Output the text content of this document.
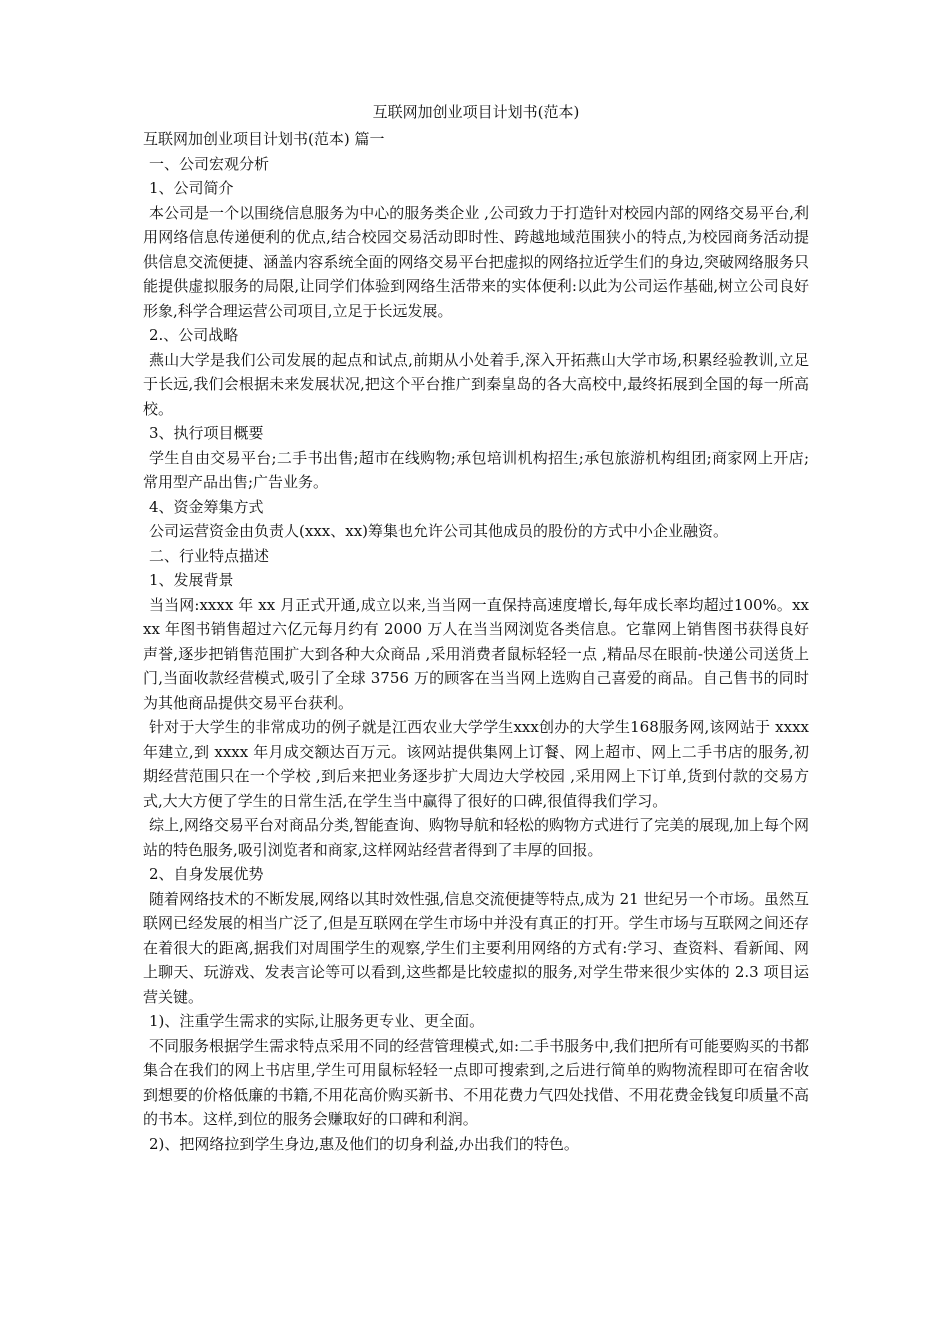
互联网加创业项目计划书(范本)

互联网加创业项目计划书(范本) 篇一

一、公司宏观分析

1、公司简介

本公司是一个以围绕信息服务为中心的服务类企业 ,公司致力于打造针对校园内部的网络交易平台,利用网络信息传递便利的优点,结合校园交易活动即时性、跨越地域范围狭小的特点,为校园商务活动提供信息交流便捷、涵盖内容系统全面的网络交易平台把虚拟的网络拉近学生们的身边,突破网络服务只能提供虚拟服务的局限,让同学们体验到网络生活带来的实体便利:以此为公司运作基础,树立公司良好形象,科学合理运营公司项目,立足于长远发展。

2.、公司战略

燕山大学是我们公司发展的起点和试点,前期从小处着手,深入开拓燕山大学市场,积累经验教训,立足于长远,我们会根据未来发展状况,把这个平台推广到秦皇岛的各大高校中,最终拓展到全国的每一所高校。

3、执行项目概要

学生自由交易平台;二手书出售;超市在线购物;承包培训机构招生;承包旅游机构组团;商家网上开店;常用型产品出售;广告业务。

4、资金筹集方式

公司运营资金由负责人(xxx、xx)筹集也允许公司其他成员的股份的方式中小企业融资。

二、行业特点描述

1、发展背景

当当网:xxxx 年 xx 月正式开通,成立以来,当当网一直保持高速度增长,每年成长率均超过100%。xxxx 年图书销售超过六亿元每月约有 2000 万人在当当网浏览各类信息。它靠网上销售图书获得良好声誉,逐步把销售范围扩大到各种大众商品 ,采用消费者鼠标轻轻一点 ,精品尽在眼前-快递公司送货上门,当面收款经营模式,吸引了全球 3756 万的顾客在当当网上选购自己喜爱的商品。自己售书的同时为其他商品提供交易平台获利。

针对于大学生的非常成功的例子就是江西农业大学学生xxx创办的大学生168服务网,该网站于 xxxx 年建立,到 xxxx 年月成交额达百万元。该网站提供集网上订餐、网上超市、网上二手书店的服务,初期经营范围只在一个学校 ,到后来把业务逐步扩大周边大学校园 ,采用网上下订单,货到付款的交易方式,大大方便了学生的日常生活,在学生当中赢得了很好的口碑,很值得我们学习。

综上,网络交易平台对商品分类,智能查询、购物导航和轻松的购物方式进行了完美的展现,加上每个网站的特色服务,吸引浏览者和商家,这样网站经营者得到了丰厚的回报。

2、自身发展优势

随着网络技术的不断发展,网络以其时效性强,信息交流便捷等特点,成为 21 世纪另一个市场。虽然互联网已经发展的相当广泛了,但是互联网在学生市场中并没有真正的打开。学生市场与互联网之间还存在着很大的距离,据我们对周围学生的观察,学生们主要利用网络的方式有:学习、查资料、看新闻、网上聊天、玩游戏、发表言论等可以看到,这些都是比较虚拟的服务,对学生带来很少实体的 2.3 项目运营关键。

1)、注重学生需求的实际,让服务更专业、更全面。

不同服务根据学生需求特点采用不同的经营管理模式,如:二手书服务中,我们把所有可能要购买的书都集合在我们的网上书店里,学生可用鼠标轻轻一点即可搜索到,之后进行简单的购物流程即可在宿舍收到想要的价格低廉的书籍,不用花高价购买新书、不用花费力气四处找借、不用花费金钱复印质量不高的书本。这样,到位的服务会赚取好的口碑和利润。

2)、把网络拉到学生身边,惠及他们的切身利益,办出我们的特色。
